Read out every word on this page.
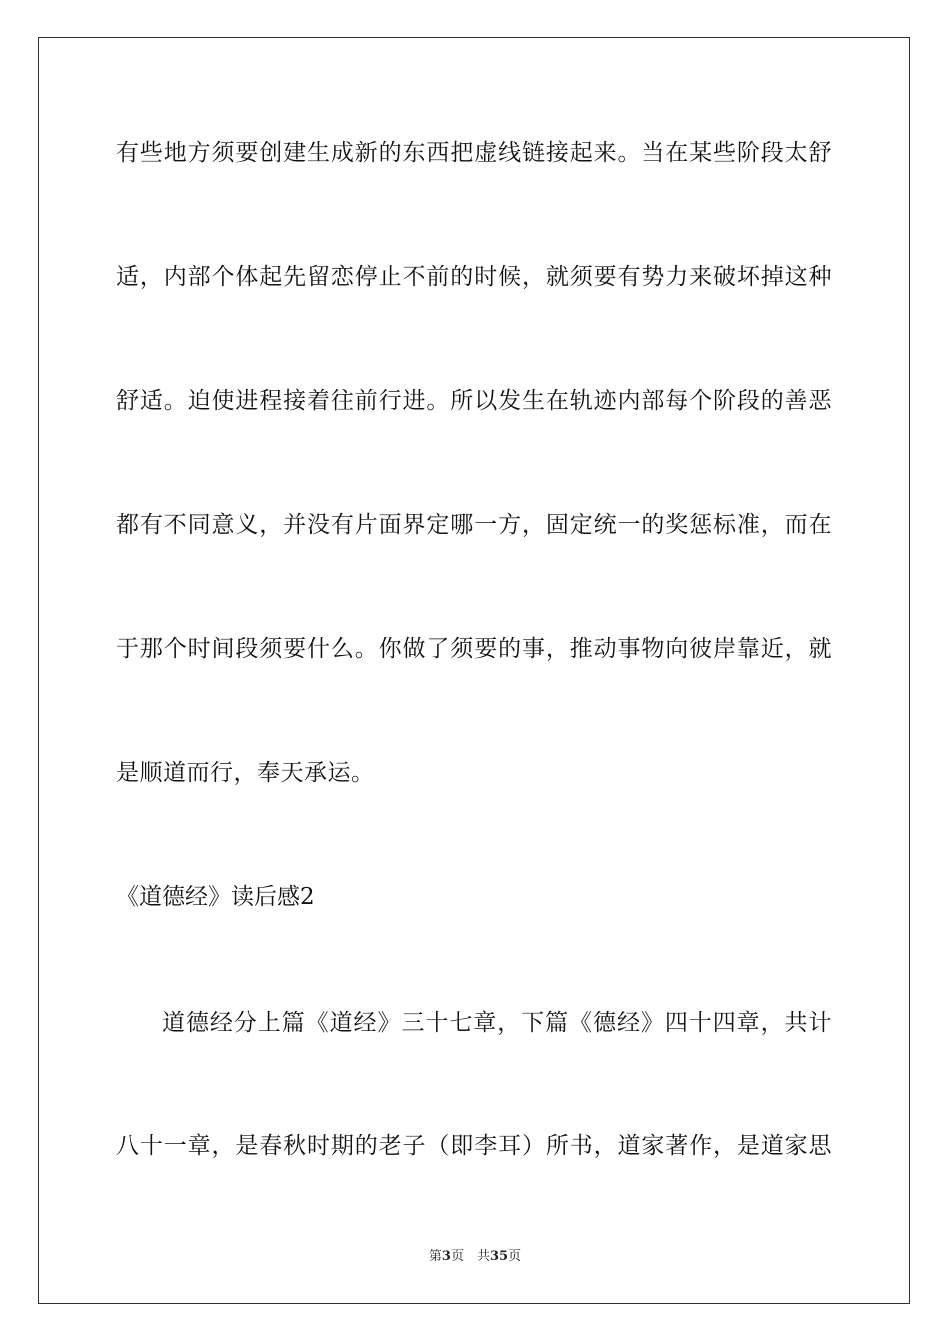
有些地方须要创建生成新的东西把虚线链接起来。当在某些阶段太舒
适，内部个体起先留恋停止不前的时候，就须要有势力来破坏掉这种
舒适。迫使进程接着往前行进。所以发生在轨迹内部每个阶段的善恶
都有不同意义，并没有片面界定哪一方，固定统一的奖惩标准，而在
于那个时间段须要什么。你做了须要的事，推动事物向彼岸靠近，就
是顺道而行，奉天承运。
《道德经》读后感2
道德经分上篇《道经》三十七章，下篇《德经》四十四章，共计
八十一章，是春秋时期的老子（即李耳）所书，道家著作，是道家思
第3页　共35页
